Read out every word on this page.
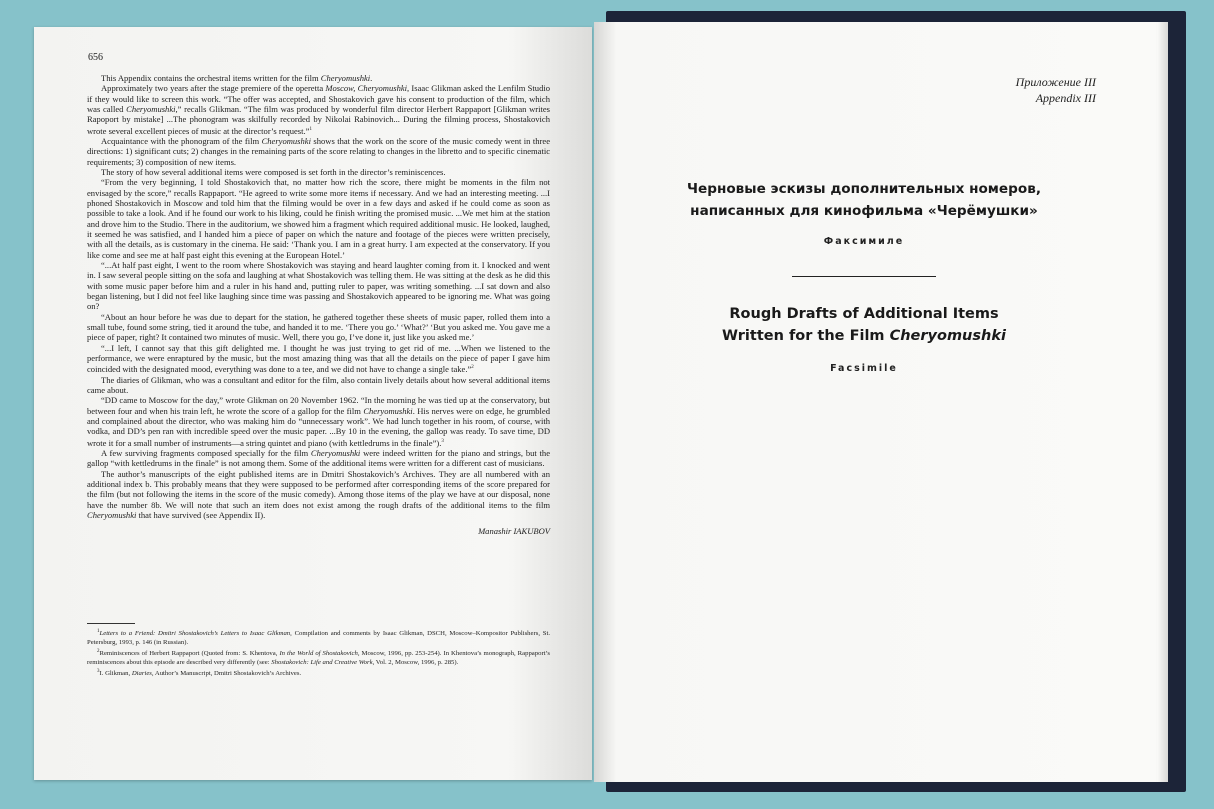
656

This Appendix contains the orchestral items written for the film Cheryomushki.

Approximately two years after the stage premiere of the operetta Moscow, Cheryomushki, Isaac Glikman asked the Lenfilm Studio if they would like to screen this work. “The offer was accepted, and Shostakovich gave his consent to production of the film, which was called Cheryomushki,” recalls Glikman. “The film was produced by wonderful film director Herbert Rappaport [Glikman writes Rapoport by mistake] ...The phonogram was skilfully recorded by Nikolai Rabinovich... During the filming process, Shostakovich wrote several excellent pieces of music at the director’s request.”$^1$

Acquaintance with the phonogram of the film Cheryomushki shows that the work on the score of the music comedy went in three directions: 1) significant cuts; 2) changes in the remaining parts of the score relating to changes in the libretto and to specific cinematic requirements; 3) composition of new items.

The story of how several additional items were composed is set forth in the director’s reminiscences.

“From the very beginning, I told Shostakovich that, no matter how rich the score, there might be moments in the film not envisaged by the score,” recalls Rappaport. “He agreed to write some more items if necessary. And we had an interesting meeting. ...I phoned Shostakovich in Moscow and told him that the filming would be over in a few days and asked if he could come as soon as possible to take a look. And if he found our work to his liking, could he finish writing the promised music. ...We met him at the station and drove him to the Studio. There in the auditorium, we showed him a fragment which required additional music. He looked, laughed, it seemed he was satisfied, and I handed him a piece of paper on which the nature and footage of the pieces were written precisely, with all the details, as is customary in the cinema. He said: ‘Thank you. I am in a great hurry. I am expected at the conservatory. If you like come and see me at half past eight this evening at the European Hotel.’

“...At half past eight, I went to the room where Shostakovich was staying and heard laughter coming from it. I knocked and went in. I saw several people sitting on the sofa and laughing at what Shostakovich was telling them. He was sitting at the desk as he did this with some music paper before him and a ruler in his hand and, putting ruler to paper, was writing something. ...I sat down and also began listening, but I did not feel like laughing since time was passing and Shostakovich appeared to be ignoring me. What was going on?

“About an hour before he was due to depart for the station, he gathered together these sheets of music paper, rolled them into a small tube, found some string, tied it around the tube, and handed it to me. ‘There you go.’ ‘What?’ ‘But you asked me. You gave me a piece of paper, right? It contained two minutes of music. Well, there you go, I’ve done it, just like you asked me.’

“...I left, I cannot say that this gift delighted me. I thought he was just trying to get rid of me. ...When we listened to the performance, we were enraptured by the music, but the most amazing thing was that all the details on the piece of paper I gave him coincided with the designated mood, everything was done to a tee, and we did not have to change a single take.”$^2$

The diaries of Glikman, who was a consultant and editor for the film, also contain lively details about how several additional items came about.

“DD came to Moscow for the day,” wrote Glikman on 20 November 1962. “In the morning he was tied up at the conservatory, but between four and when his train left, he wrote the score of a gallop for the film Cheryomushki. His nerves were on edge, he grumbled and complained about the director, who was making him do “unnecessary work”. We had lunch together in his room, of course, with vodka, and DD’s pen ran with incredible speed over the music paper. ...By 10 in the evening, the gallop was ready. To save time, DD wrote it for a small number of instruments—a string quintet and piano (with kettledrums in the finale”).$^3$

A few surviving fragments composed specially for the film Cheryomushki were indeed written for the piano and strings, but the gallop “with kettledrums in the finale” is not among them. Some of the additional items were written for a different cast of musicians.

The author’s manuscripts of the eight published items are in Dmitri Shostakovich’s Archives. They are all numbered with an additional index b. This probably means that they were supposed to be performed after corresponding items of the score prepared for the film (but not following the items in the score of the music comedy). Among those items of the play we have at our disposal, none have the number 8b. We will note that such an item does not exist among the rough drafts of the additional items to the film Cheryomushki that have survived (see Appendix II).

Manashir IAKUBOV

$^1$Letters to a Friend: Dmitri Shostakovich’s Letters to Isaac Glikman, Compilation and comments by Isaac Glikman, DSCH, Moscow–Kompositor Publishers, St. Petersburg, 1993, p. 146 (in Russian).

$^2$Reminiscences of Herbert Rappaport (Quoted from: S. Khentova, In the World of Shostakovich, Moscow, 1996, pp. 253-254). In Khentova’s monograph, Rappaport’s reminiscences about this episode are described very differently (see: Shostakovich: Life and Creative Work, Vol. 2, Moscow, 1996, p. 285).

$^3$I. Glikman, Diaries, Author’s Manuscript, Dmitri Shostakovich’s Archives.

Приложение III
Appendix III
Черновые эскизы дополнительных номеров,
написанных для кинофильма «Черёмушки»
Факсимиле
Rough Drafts of Additional Items
Written for the Film Cheryomushki
Facsimile
